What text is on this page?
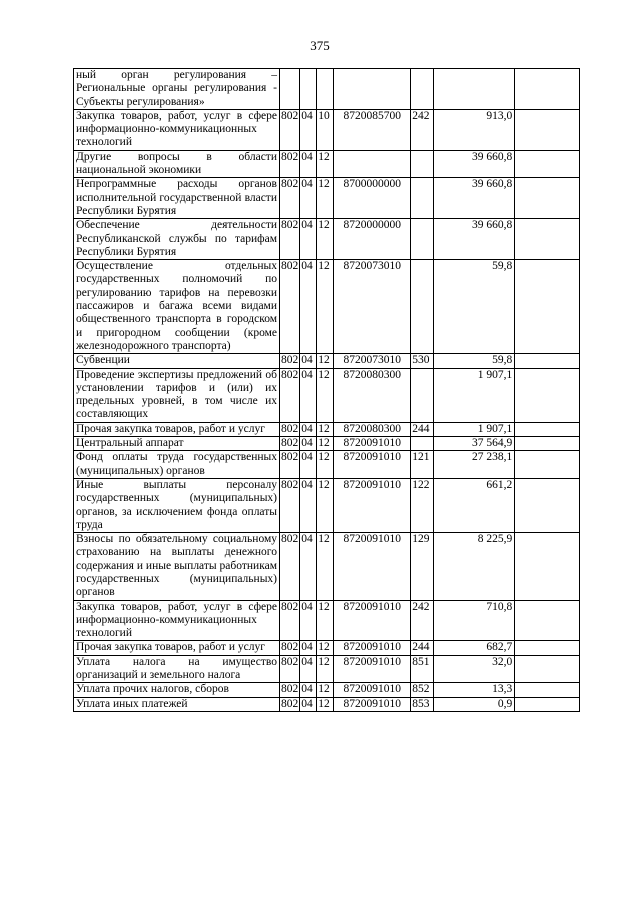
375
ный орган регулирования – Региональные органы регулирования - Субъекты регулирования»							
Закупка товаров, работ, услуг в сфере информационно-коммуникационных технологий	802	04	10	8720085700	242	913,0	
Другие вопросы в области национальной экономики	802	04	12			39 660,8	
Непрограммные расходы органов исполнительной государственной власти Республики Бурятия	802	04	12	8700000000		39 660,8	
Обеспечение деятельности Республиканской службы по тарифам Республики Бурятия	802	04	12	8720000000		39 660,8	
Осуществление отдельных государственных полномочий по регулированию тарифов на перевозки пассажиров и багажа всеми видами общественного транспорта в городском и пригородном сообщении (кроме железнодорожного транспорта)	802	04	12	8720073010		59,8	
Субвенции	802	04	12	8720073010	530	59,8	
Проведение экспертизы предложений об установлении тарифов и (или) их предельных уровней, в том числе их составляющих	802	04	12	8720080300		1 907,1	
Прочая закупка товаров, работ и услуг	802	04	12	8720080300	244	1 907,1	
Центральный аппарат	802	04	12	8720091010		37 564,9	
Фонд оплаты труда государственных (муниципальных) органов	802	04	12	8720091010	121	27 238,1	
Иные выплаты персоналу государственных (муниципальных) органов, за исключением фонда оплаты труда	802	04	12	8720091010	122	661,2	
Взносы по обязательному социальному страхованию на выплаты денежного содержания и иные выплаты работникам государственных (муниципальных) органов	802	04	12	8720091010	129	8 225,9	
Закупка товаров, работ, услуг в сфере информационно-коммуникационных технологий	802	04	12	8720091010	242	710,8	
Прочая закупка товаров, работ и услуг	802	04	12	8720091010	244	682,7	
Уплата налога на имущество организаций и земельного налога	802	04	12	8720091010	851	32,0	
Уплата прочих налогов, сборов	802	04	12	8720091010	852	13,3	
Уплата иных платежей	802	04	12	8720091010	853	0,9	
